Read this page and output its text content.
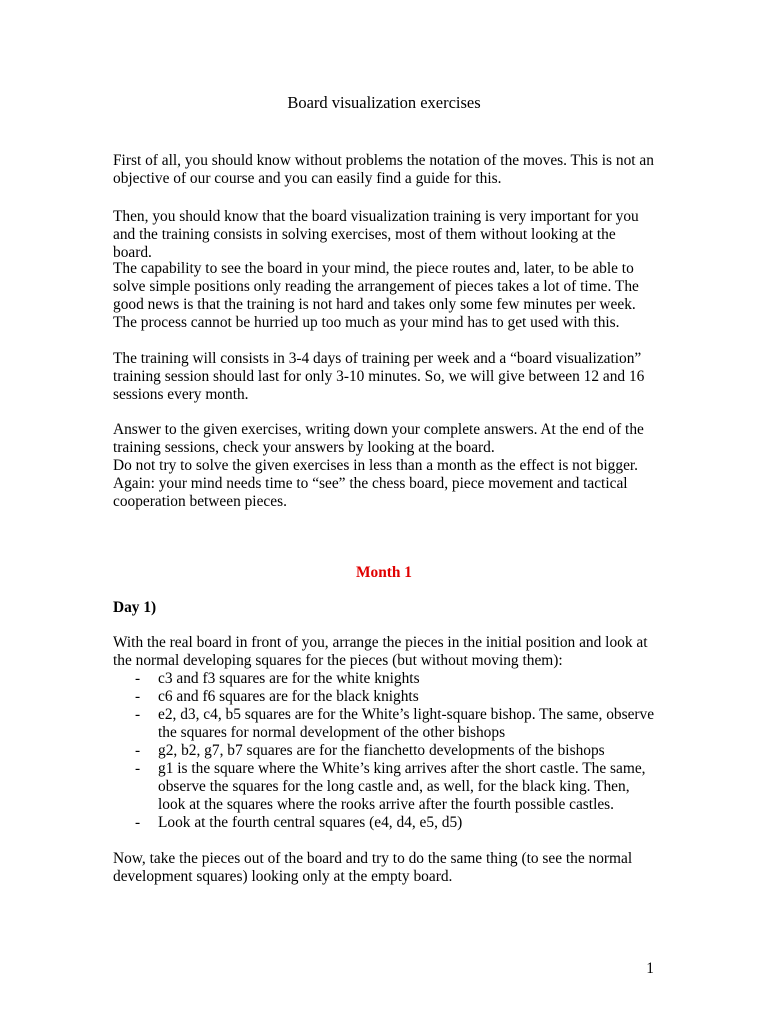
Board visualization exercises

First of all, you should know without problems the notation of the moves. This is not an objective of our course and you can easily find a guide for this.

Then, you should know that the board visualization training is very important for you and the training consists in solving exercises, most of them without looking at the board.

The capability to see the board in your mind, the piece routes and, later, to be able to solve simple positions only reading the arrangement of pieces takes a lot of time. The good news is that the training is not hard and takes only some few minutes per week. The process cannot be hurried up too much as your mind has to get used with this.

The training will consists in 3-4 days of training per week and a “board visualization” training session should last for only 3-10 minutes. So, we will give between 12 and 16 sessions every month.

Answer to the given exercises, writing down your complete answers. At the end of the training sessions, check your answers by looking at the board.
Do not try to solve the given exercises in less than a month as the effect is not bigger.
Again: your mind needs time to “see” the chess board, piece movement and tactical cooperation between pieces.
Month 1
Day 1)

With the real board in front of you, arrange the pieces in the initial position and look at the normal developing squares for the pieces (but without moving them):

- c3 and f3 squares are for the white knights
- c6 and f6 squares are for the black knights
- e2, d3, c4, b5 squares are for the White’s light-square bishop. The same, observe the squares for normal development of the other bishops
- g2, b2, g7, b7 squares are for the fianchetto developments of the bishops
- g1 is the square where the White’s king arrives after the short castle. The same, observe the squares for the long castle and, as well, for the black king. Then, look at the squares where the rooks arrive after the fourth possible castles.
- Look at the fourth central squares (e4, d4, e5, d5)

Now, take the pieces out of the board and try to do the same thing (to see the normal development squares) looking only at the empty board.

1
